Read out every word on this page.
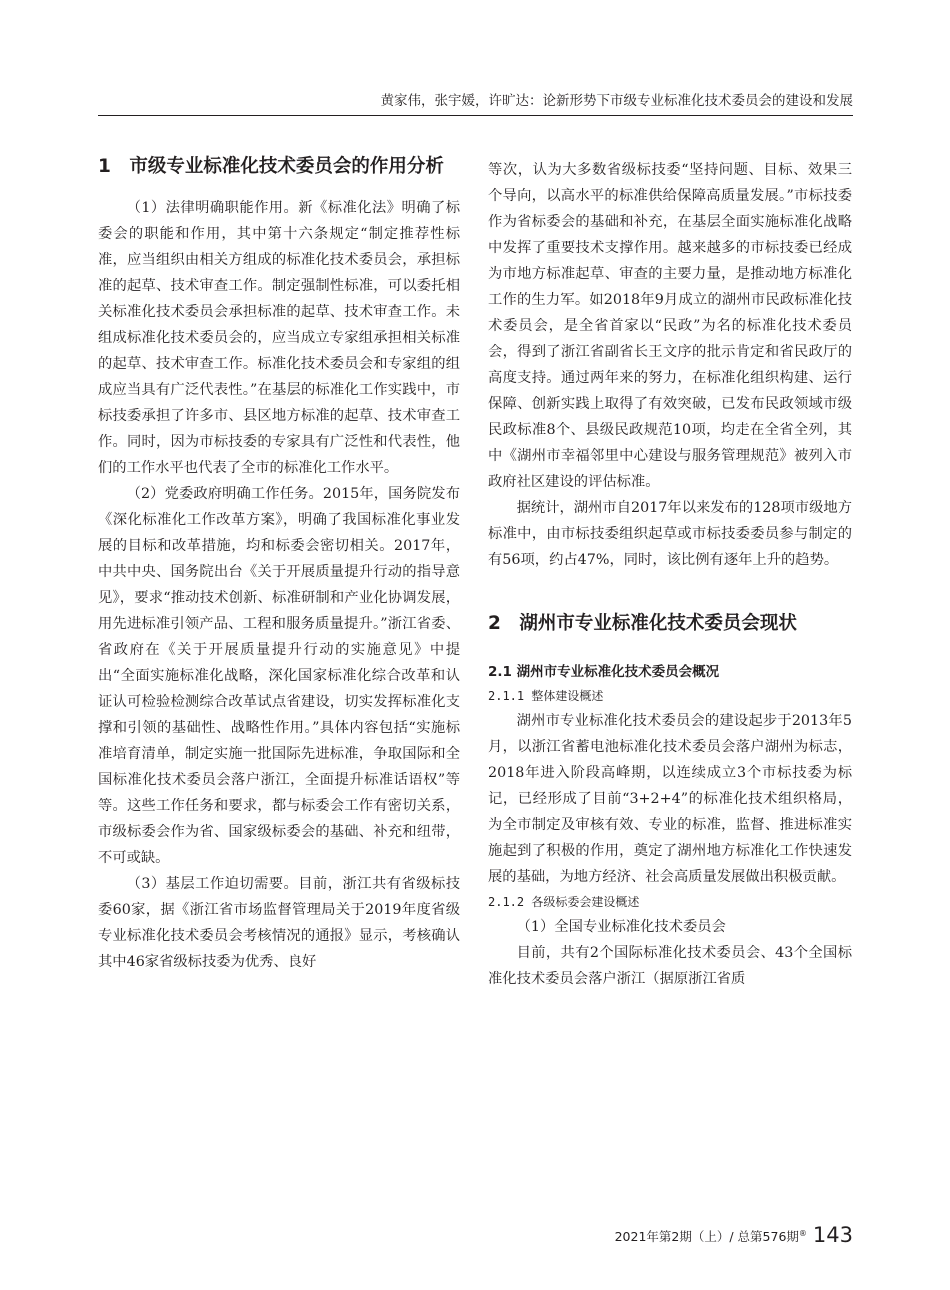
黄家伟，张宇媛，许旷达：论新形势下市级专业标准化技术委员会的建设和发展
1　市级专业标准化技术委员会的作用分析

（1）法律明确职能作用。新《标准化法》明确了标委会的职能和作用，其中第十六条规定“制定推荐性标准，应当组织由相关方组成的标准化技术委员会，承担标准的起草、技术审查工作。制定强制性标准，可以委托相关标准化技术委员会承担标准的起草、技术审查工作。未组成标准化技术委员会的，应当成立专家组承担相关标准的起草、技术审查工作。标准化技术委员会和专家组的组成应当具有广泛代表性。”在基层的标准化工作实践中，市标技委承担了许多市、县区地方标准的起草、技术审查工作。同时，因为市标技委的专家具有广泛性和代表性，他们的工作水平也代表了全市的标准化工作水平。

（2）党委政府明确工作任务。2015年，国务院发布《深化标准化工作改革方案》，明确了我国标准化事业发展的目标和改革措施，均和标委会密切相关。2017年，中共中央、国务院出台《关于开展质量提升行动的指导意见》，要求“推动技术创新、标准研制和产业化协调发展，用先进标准引领产品、工程和服务质量提升。”浙江省委、省政府在《关于开展质量提升行动的实施意见》中提出“全面实施标准化战略，深化国家标准化综合改革和认证认可检验检测综合改革试点省建设，切实发挥标准化支撑和引领的基础性、战略性作用。”具体内容包括“实施标准培育清单，制定实施一批国际先进标准，争取国际和全国标准化技术委员会落户浙江，全面提升标准话语权”等等。这些工作任务和要求，都与标委会工作有密切关系，市级标委会作为省、国家级标委会的基础、补充和纽带，不可或缺。

（3）基层工作迫切需要。目前，浙江共有省级标技委60家，据《浙江省市场监督管理局关于2019年度省级专业标准化技术委员会考核情况的通报》显示，考核确认其中46家省级标技委为优秀、良好

等次，认为大多数省级标技委“坚持问题、目标、效果三个导向，以高水平的标准供给保障高质量发展。”市标技委作为省标委会的基础和补充，在基层全面实施标准化战略中发挥了重要技术支撑作用。越来越多的市标技委已经成为市地方标准起草、审查的主要力量，是推动地方标准化工作的生力军。如2018年9月成立的湖州市民政标准化技术委员会，是全省首家以“民政”为名的标准化技术委员会，得到了浙江省副省长王文序的批示肯定和省民政厅的高度支持。通过两年来的努力，在标准化组织构建、运行保障、创新实践上取得了有效突破，已发布民政领域市级民政标准8个、县级民政规范10项，均走在全省全列，其中《湖州市幸福邻里中心建设与服务管理规范》被列入市政府社区建设的评估标准。

据统计，湖州市自2017年以来发布的128项市级地方标准中，由市标技委组织起草或市标技委委员参与制定的有56项，约占47%，同时，该比例有逐年上升的趋势。

2　湖州市专业标准化技术委员会现状
2.1 湖州市专业标准化技术委员会概况
2.1.1 整体建设概述

湖州市专业标准化技术委员会的建设起步于2013年5月，以浙江省蓄电池标准化技术委员会落户湖州为标志，2018年进入阶段高峰期，以连续成立3个市标技委为标记，已经形成了目前“3+2+4”的标准化技术组织格局，为全市制定及审核有效、专业的标准，监督、推进标准实施起到了积极的作用，奠定了湖州地方标准化工作快速发展的基础，为地方经济、社会高质量发展做出积极贡献。

2.1.2 各级标委会建设概述

（1）全国专业标准化技术委员会

目前，共有2个国际标准化技术委员会、43个全国标准化技术委员会落户浙江（据原浙江省质

2021年第2期（上）/ 总第576期® 143
